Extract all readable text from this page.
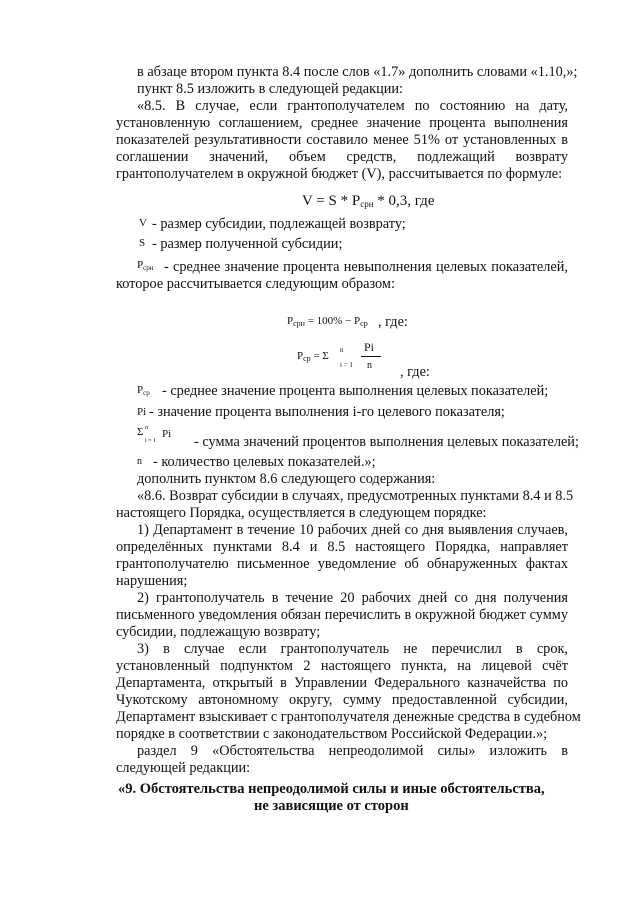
в абзаце втором пункта 8.4 после слов «1.7» дополнить словами «1.10,»;
пункт 8.5 изложить в следующей редакции:
«8.5. В случае, если грантополучателем по состоянию на дату,
установленную соглашением, среднее значение процента выполнения
показателей результативности составило менее 51% от установленных в
соглашении значений, объем средств, подлежащий возврату
грантополучателем в окружной бюджет (V), рассчитывается по формуле:
$V = S * P_{срн} * 0,3$, где
V - размер субсидии, подлежащей возврату;
S - размер полученной субсидии;
$P_{срн}$ - среднее значение процента невыполнения целевых показателей,
которое рассчитывается следующим образом:
$P_{срн} = 100\% - P_{ср}$ , где:
$P_{ср} = \Sigma$ n
i = 1
Pi
n , где:
$P_{ср}$ - среднее значение процента выполнения целевых показателей;
Pi - значение процента выполнения i-го целевого показателя;
Σ n
i = 1
Pi - сумма значений процентов выполнения целевых показателей;
n - количество целевых показателей.»;
дополнить пунктом 8.6 следующего содержания:
«8.6. Возврат субсидии в случаях, предусмотренных пунктами 8.4 и 8.5
настоящего Порядка, осуществляется в следующем порядке:
1) Департамент в течение 10 рабочих дней со дня выявления случаев,
определённых пунктами 8.4 и 8.5 настоящего Порядка, направляет
грантополучателю письменное уведомление об обнаруженных фактах
нарушения;
2) грантополучатель в течение 20 рабочих дней со дня получения
письменного уведомления обязан перечислить в окружной бюджет сумму
субсидии, подлежащую возврату;
3) в случае если грантополучатель не перечислил в срок,
установленный подпунктом 2 настоящего пункта, на лицевой счёт
Департамента, открытый в Управлении Федерального казначейства по
Чукотскому автономному округу, сумму предоставленной субсидии,
Департамент взыскивает с грантополучателя денежные средства в судебном
порядке в соответствии с законодательством Российской Федерации.»;
раздел 9 «Обстоятельства непреодолимой силы» изложить в
следующей редакции:
«9. Обстоятельства непреодолимой силы и иные обстоятельства,
не зависящие от сторон
